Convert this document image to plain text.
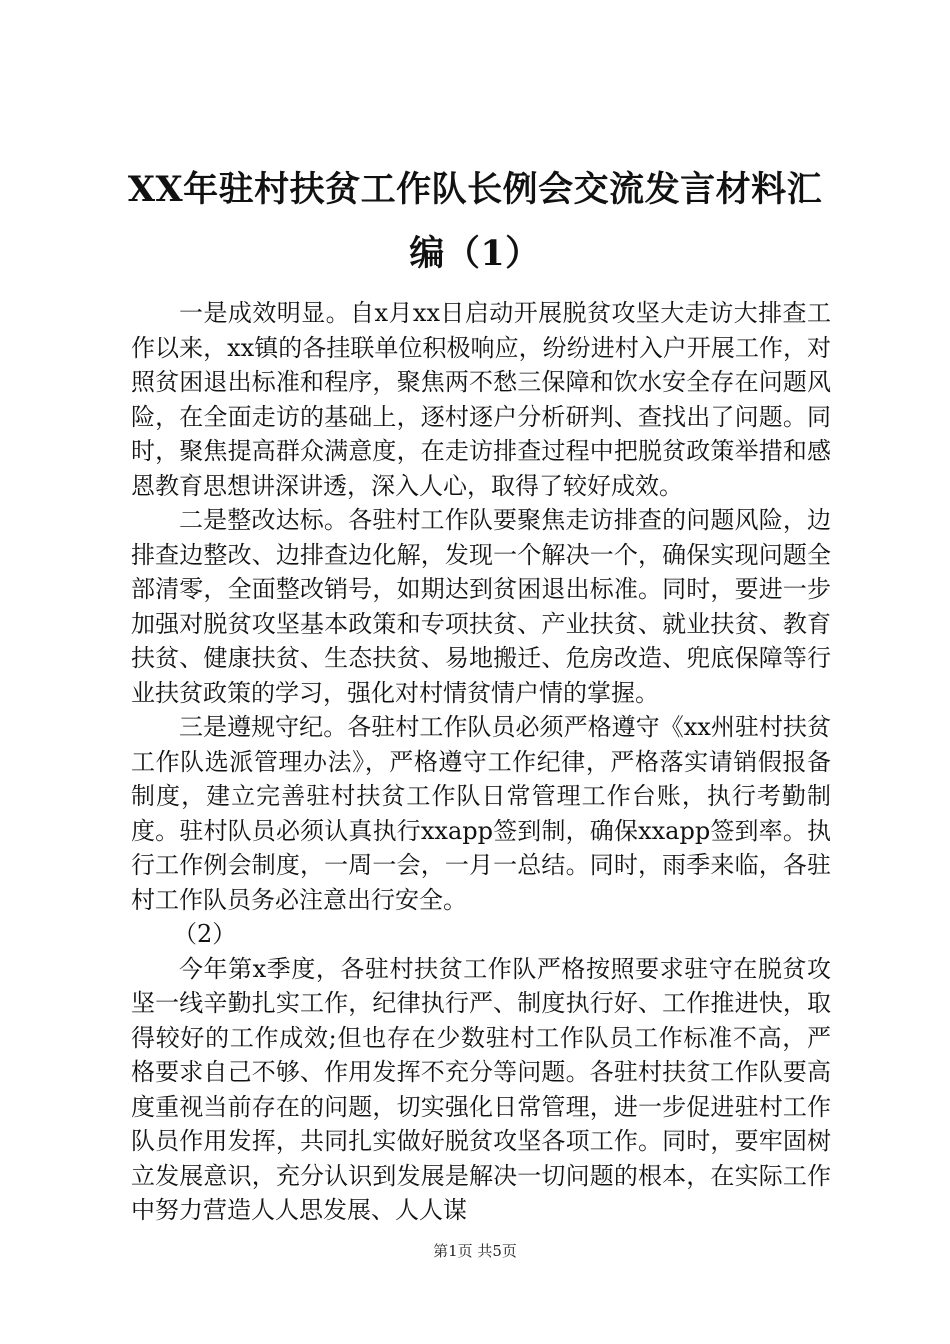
XX年驻村扶贫工作队长例会交流发言材料汇
编（1）

一是成效明显。自x月xx日启动开展脱贫攻坚大走访大排查工作以来，xx镇的各挂联单位积极响应，纷纷进村入户开展工作，对照贫困退出标准和程序，聚焦两不愁三保障和饮水安全存在问题风险，在全面走访的基础上，逐村逐户分析研判、查找出了问题。同时，聚焦提高群众满意度，在走访排查过程中把脱贫政策举措和感恩教育思想讲深讲透，深入人心，取得了较好成效。

二是整改达标。各驻村工作队要聚焦走访排查的问题风险，边排查边整改、边排查边化解，发现一个解决一个，确保实现问题全部清零，全面整改销号，如期达到贫困退出标准。同时，要进一步加强对脱贫攻坚基本政策和专项扶贫、产业扶贫、就业扶贫、教育扶贫、健康扶贫、生态扶贫、易地搬迁、危房改造、兜底保障等行业扶贫政策的学习，强化对村情贫情户情的掌握。

三是遵规守纪。各驻村工作队员必须严格遵守《xx州驻村扶贫工作队选派管理办法》，严格遵守工作纪律，严格落实请销假报备制度，建立完善驻村扶贫工作队日常管理工作台账，执行考勤制度。驻村队员必须认真执行xxapp签到制，确保xxapp签到率。执行工作例会制度，一周一会，一月一总结。同时，雨季来临，各驻村工作队员务必注意出行安全。

（2）

今年第x季度，各驻村扶贫工作队严格按照要求驻守在脱贫攻坚一线辛勤扎实工作，纪律执行严、制度执行好、工作推进快，取得较好的工作成效;但也存在少数驻村工作队员工作标准不高，严格要求自己不够、作用发挥不充分等问题。各驻村扶贫工作队要高度重视当前存在的问题，切实强化日常管理，进一步促进驻村工作队员作用发挥，共同扎实做好脱贫攻坚各项工作。同时，要牢固树立发展意识，充分认识到发展是解决一切问题的根本，在实际工作中努力营造人人思发展、人人谋

第1页 共5页
